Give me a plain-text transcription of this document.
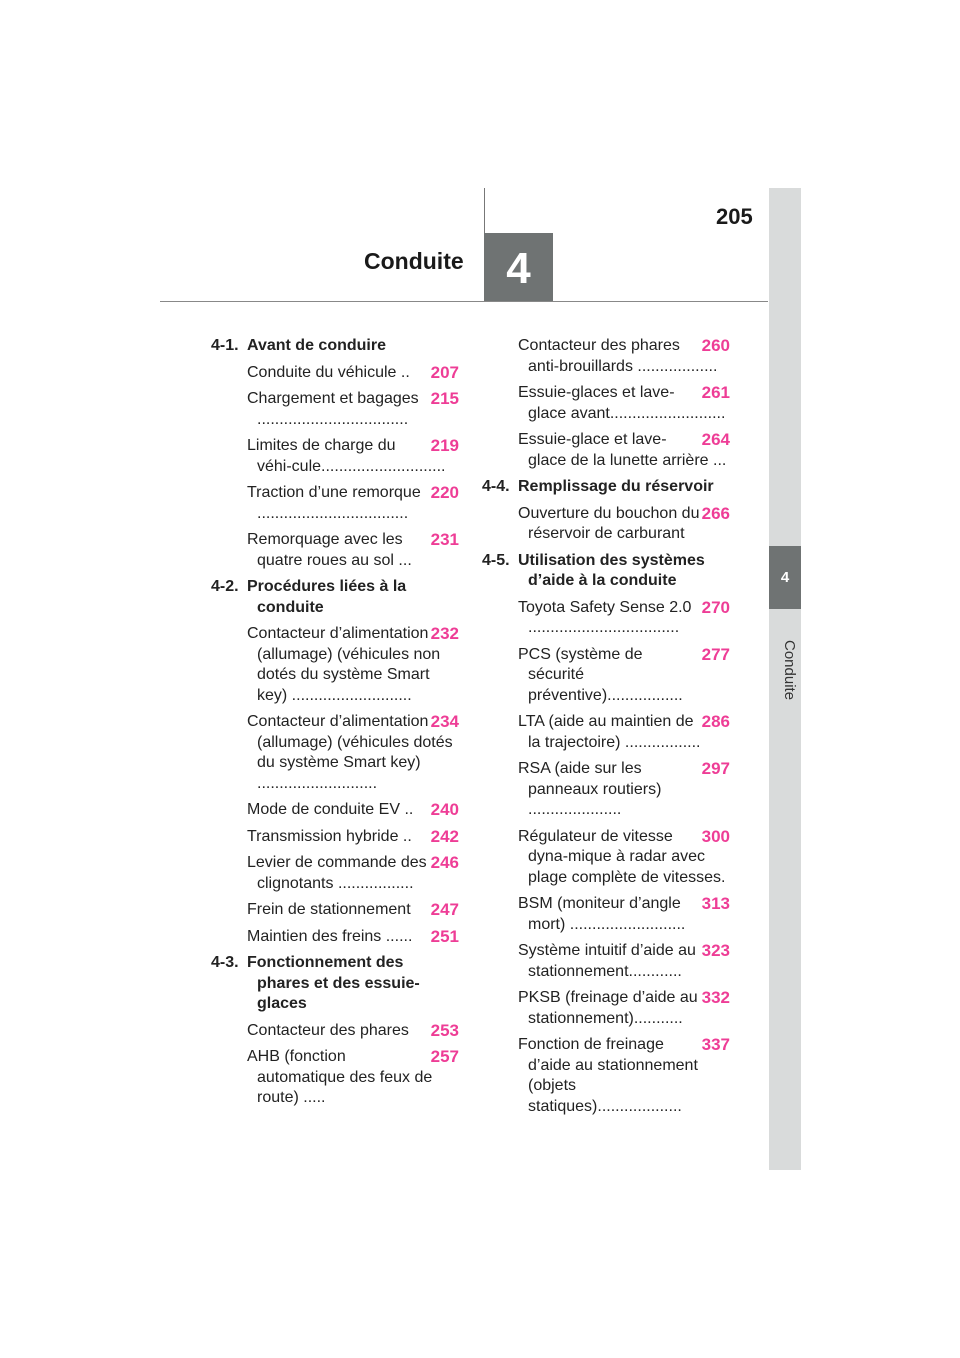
205
Conduite 4
4
Conduite
4-1. Avant de conduire
207
Conduite du véhicule ..
215
Chargement et bagages ..................................
219
Limites de charge du véhi-cule............................
220
Traction d’une remorque ..................................
231
Remorquage avec les quatre roues au sol ...
4-2. Procédures liées à la conduite
232
Contacteur d’alimentation (allumage) (véhicules non dotés du système Smart key) ...........................
234
Contacteur d’alimentation (allumage) (véhicules dotés du système Smart key) ...........................
240
Mode de conduite EV ..
242
Transmission hybride ..
246
Levier de commande des clignotants .................
247
Frein de stationnement
251
Maintien des freins ......
4-3. Fonctionnement des phares et des essuie-glaces
253
Contacteur des phares
257
AHB (fonction automatique des feux de route) .....
260
Contacteur des phares anti-brouillards ..................
261
Essuie-glaces et lave-glace avant..........................
264
Essuie-glace et lave-glace de la lunette arrière ...
4-4. Remplissage du réservoir
266
Ouverture du bouchon du réservoir de carburant
4-5. Utilisation des systèmes d’aide à la conduite
270
Toyota Safety Sense 2.0 ..................................
277
PCS (système de sécurité préventive).................
286
LTA (aide au maintien de la trajectoire) .................
297
RSA (aide sur les panneaux routiers) .....................
300
Régulateur de vitesse dyna-mique à radar avec plage complète de vitesses.
313
BSM (moniteur d’angle mort) ..........................
323
Système intuitif d’aide au stationnement............
332
PKSB (freinage d’aide au stationnement)...........
337
Fonction de freinage d’aide au stationnement (objets statiques)...................
